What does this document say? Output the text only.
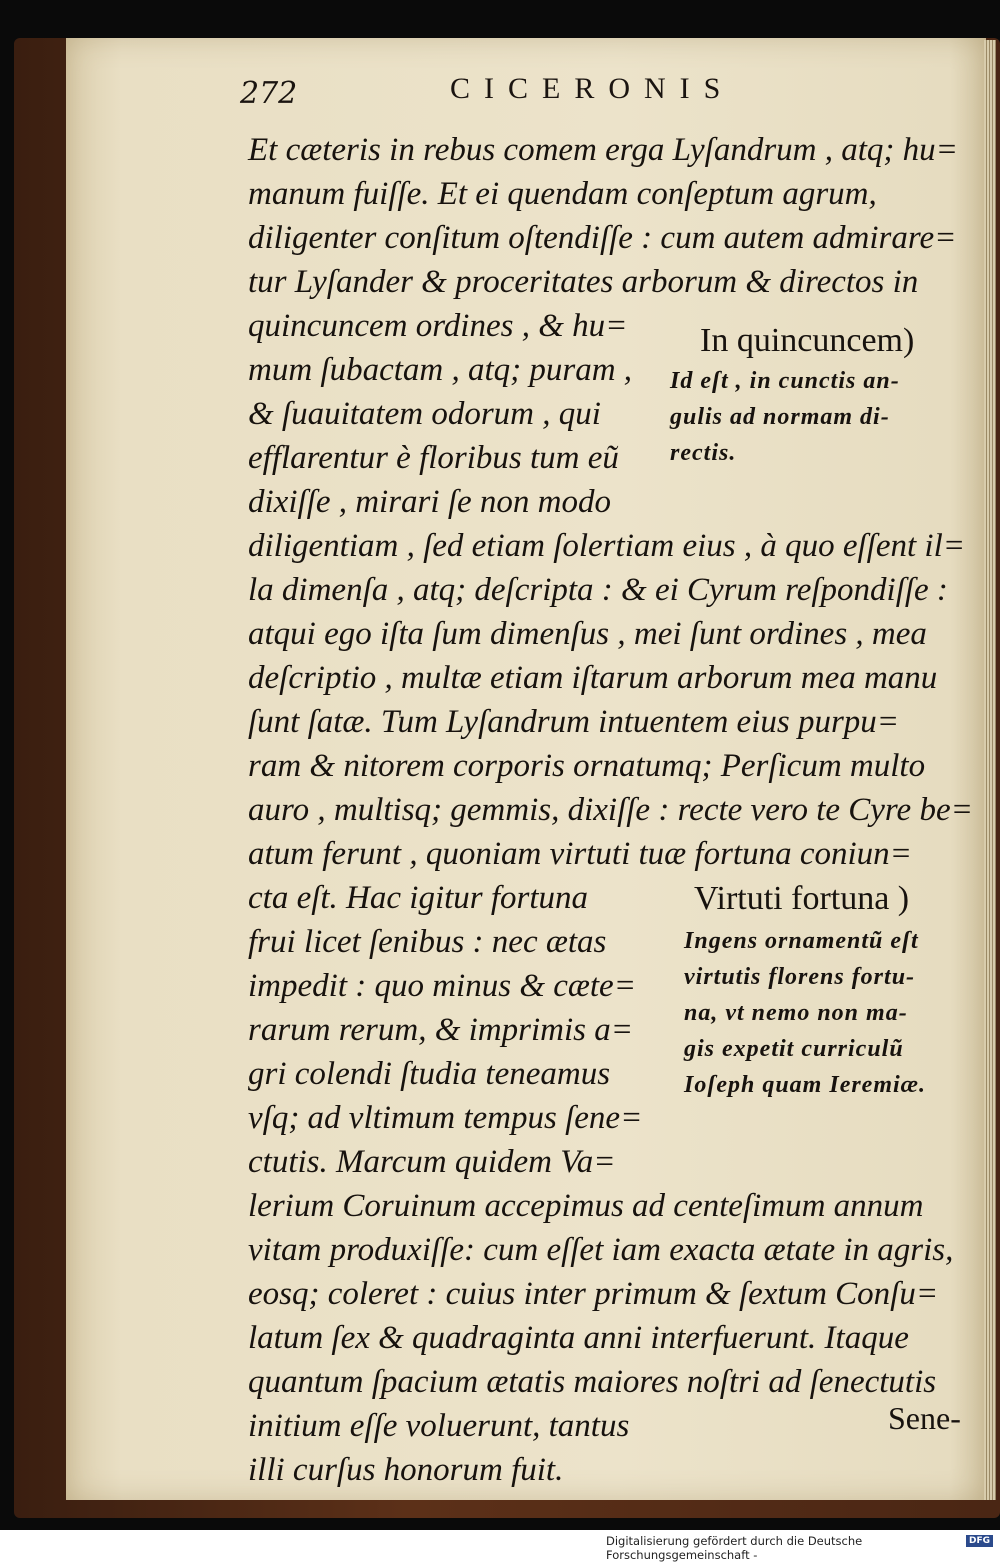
272	CICERONIS

Et cæteris in rebus comem erga Lyſandrum , atq; hu=

manum fuiſſe. Et ei quendam conſeptum agrum,

diligenter conſitum oſtendiſſe : cum autem admirare=

tur Lyſander & proceritates arborum & directos in

quincuncem ordines , & hu=

mum ſubactam , atq; puram ,

& ſuauitatem odorum , qui

efflarentur è floribus tum eũ

dixiſſe , mirari ſe non modo

diligentiam , ſed etiam ſolertiam eius , à quo eſſent il=

la dimenſa , atq; deſcripta : & ei Cyrum reſpondiſſe :

atqui ego iſta ſum dimenſus , mei ſunt ordines , mea

deſcriptio , multæ etiam iſtarum arborum mea manu

ſunt ſatæ. Tum Lyſandrum intuentem eius purpu=

ram & nitorem corporis ornatumq; Perſicum multo

auro , multisq; gemmis, dixiſſe : recte vero te Cyre be=

atum ferunt , quoniam virtuti tuæ fortuna coniun=

cta eſt. Hac igitur fortuna

frui licet ſenibus : nec ætas

impedit : quo minus & cæte=

rarum rerum, & imprimis a=

gri colendi ſtudia teneamus

vſq; ad vltimum tempus ſene=

ctutis. Marcum quidem Va=

lerium Coruinum accepimus ad centeſimum annum

vitam produxiſſe: cum eſſet iam exacta ætate in agris,

eosq; coleret : cuius inter primum & ſextum Conſu=

latum ſex & quadraginta anni interfuerunt. Itaque

quantum ſpacium ætatis maiores noſtri ad ſenectutis

initium eſſe voluerunt, tantus

illi curſus honorum fuit.

In quincuncem)

Id eſt , in cunctis an-

gulis ad normam di-

rectis.

Virtuti fortuna )

Ingens ornamentũ eſt

virtutis florens fortu-

na, vt nemo non ma-

gis expetit curriculũ

Ioſeph quam Ieremiæ.

Sene-

Digitalisierung gefördert durch die Deutsche Forschungsgemeinschaft -

DFG
